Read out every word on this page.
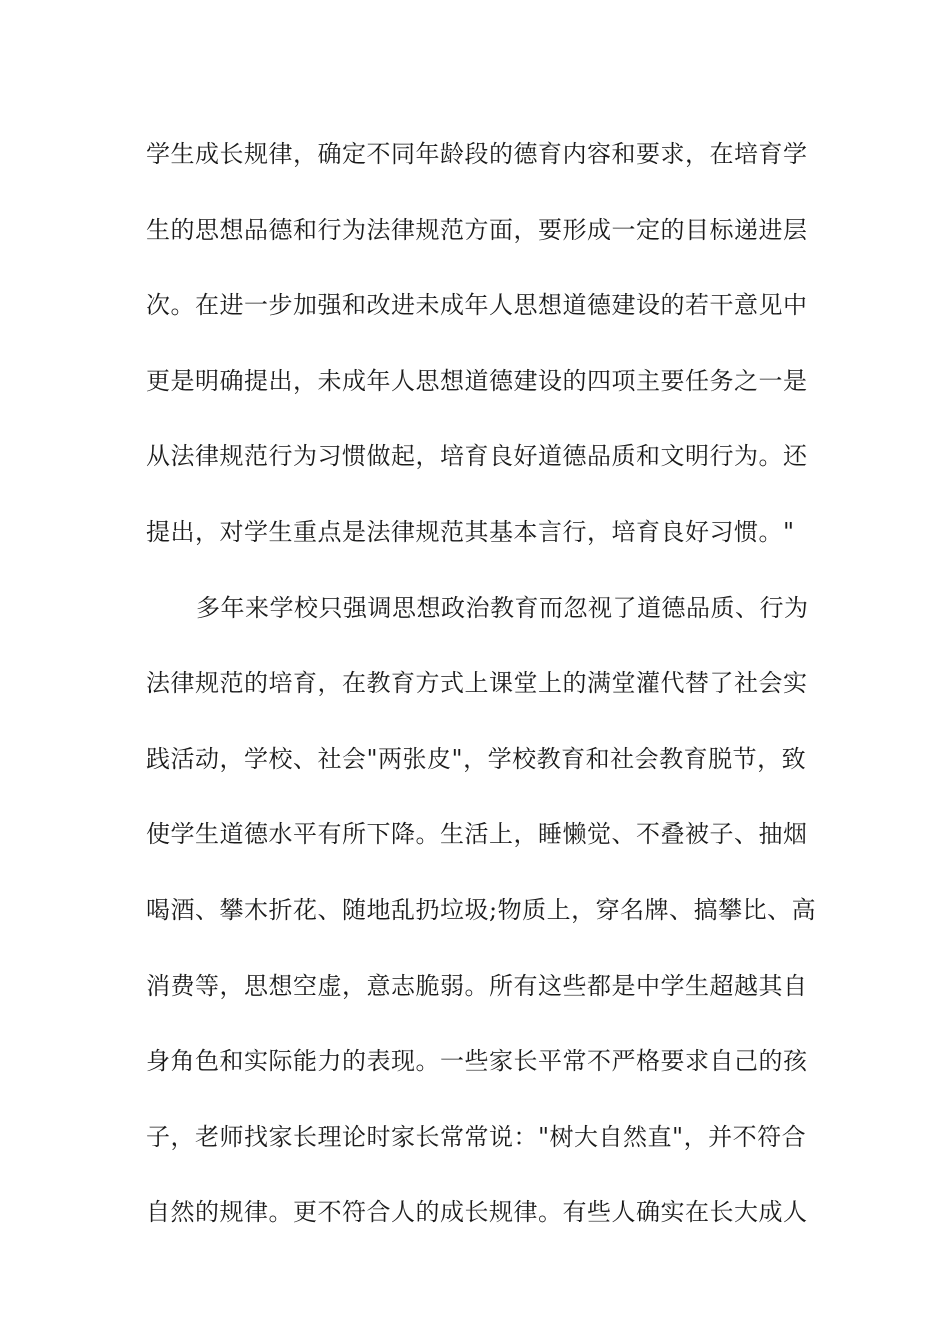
学生成长规律，确定不同年龄段的德育内容和要求，在培育学
生的思想品德和行为法律规范方面，要形成一定的目标递进层
次。在进一步加强和改进未成年人思想道德建设的若干意见中
更是明确提出，未成年人思想道德建设的四项主要任务之一是
从法律规范行为习惯做起，培育良好道德品质和文明行为。还
提出，对学生重点是法律规范其基本言行，培育良好习惯。"
多年来学校只强调思想政治教育而忽视了道德品质、行为
法律规范的培育，在教育方式上课堂上的满堂灌代替了社会实
践活动，学校、社会"两张皮"，学校教育和社会教育脱节，致
使学生道德水平有所下降。生活上，睡懒觉、不叠被子、抽烟
喝酒、攀木折花、随地乱扔垃圾;物质上，穿名牌、搞攀比、高
消费等，思想空虚，意志脆弱。所有这些都是中学生超越其自
身角色和实际能力的表现。一些家长平常不严格要求自己的孩
子，老师找家长理论时家长常常说："树大自然直"，并不符合
自然的规律。更不符合人的成长规律。有些人确实在长大成人
